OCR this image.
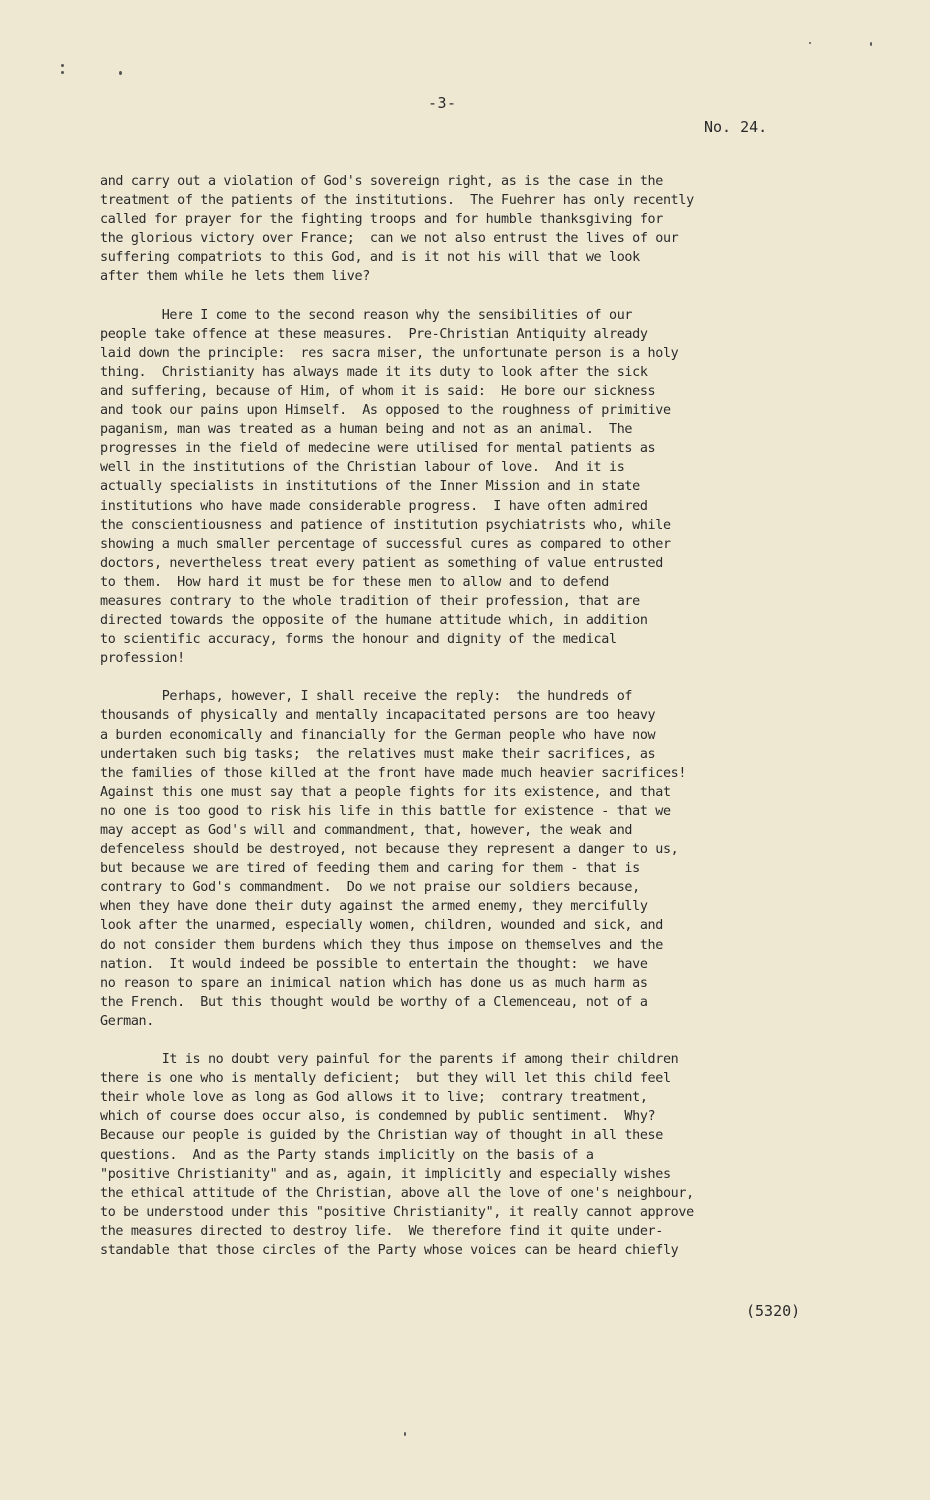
-3-
No. 24.

and carry out a violation of God's sovereign right, as is the case in the
treatment of the patients of the institutions.  The Fuehrer has only recently
called for prayer for the fighting troops and for humble thanksgiving for
the glorious victory over France;  can we not also entrust the lives of our
suffering compatriots to this God, and is it not his will that we look
after them while he lets them live?

Here I come to the second reason why the sensibilities of our
people take offence at these measures.  Pre-Christian Antiquity already
laid down the principle:  res sacra miser, the unfortunate person is a holy
thing.  Christianity has always made it its duty to look after the sick
and suffering, because of Him, of whom it is said:  He bore our sickness
and took our pains upon Himself.  As opposed to the roughness of primitive
paganism, man was treated as a human being and not as an animal.  The
progresses in the field of medecine were utilised for mental patients as
well in the institutions of the Christian labour of love.  And it is
actually specialists in institutions of the Inner Mission and in state
institutions who have made considerable progress.  I have often admired
the conscientiousness and patience of institution psychiatrists who, while
showing a much smaller percentage of successful cures as compared to other
doctors, nevertheless treat every patient as something of value entrusted
to them.  How hard it must be for these men to allow and to defend
measures contrary to the whole tradition of their profession, that are
directed towards the opposite of the humane attitude which, in addition
to scientific accuracy, forms the honour and dignity of the medical
profession!

Perhaps, however, I shall receive the reply:  the hundreds of
thousands of physically and mentally incapacitated persons are too heavy
a burden economically and financially for the German people who have now
undertaken such big tasks;  the relatives must make their sacrifices, as
the families of those killed at the front have made much heavier sacrifices!
Against this one must say that a people fights for its existence, and that
no one is too good to risk his life in this battle for existence - that we
may accept as God's will and commandment, that, however, the weak and
defenceless should be destroyed, not because they represent a danger to us,
but because we are tired of feeding them and caring for them - that is
contrary to God's commandment.  Do we not praise our soldiers because,
when they have done their duty against the armed enemy, they mercifully
look after the unarmed, especially women, children, wounded and sick, and
do not consider them burdens which they thus impose on themselves and the
nation.  It would indeed be possible to entertain the thought:  we have
no reason to spare an inimical nation which has done us as much harm as
the French.  But this thought would be worthy of a Clemenceau, not of a
German.

It is no doubt very painful for the parents if among their children
there is one who is mentally deficient;  but they will let this child feel
their whole love as long as God allows it to live;  contrary treatment,
which of course does occur also, is condemned by public sentiment.  Why?
Because our people is guided by the Christian way of thought in all these
questions.  And as the Party stands implicitly on the basis of a
"positive Christianity" and as, again, it implicitly and especially wishes
the ethical attitude of the Christian, above all the love of one's neighbour,
to be understood under this "positive Christianity", it really cannot approve
the measures directed to destroy life.  We therefore find it quite under-
standable that those circles of the Party whose voices can be heard chiefly

(5320)
